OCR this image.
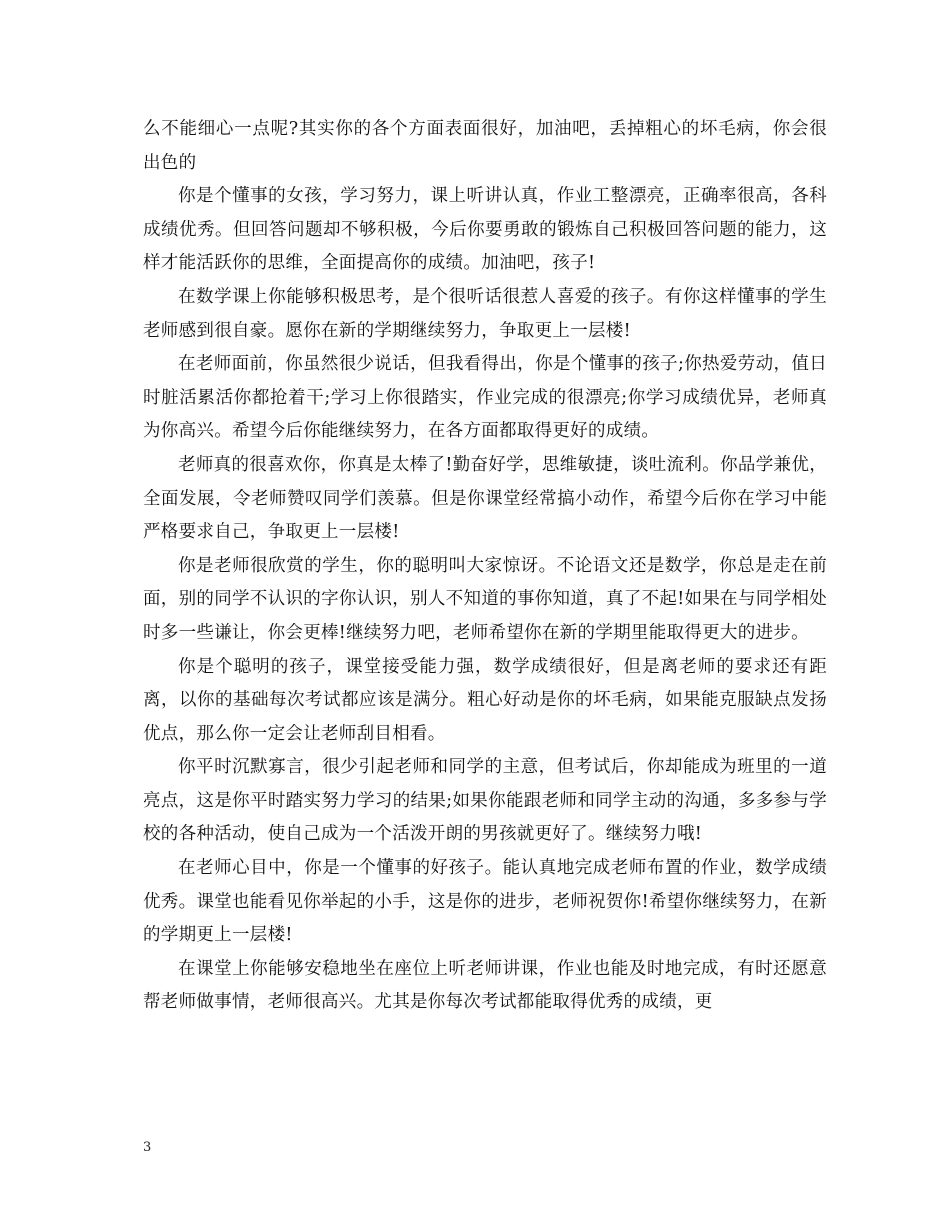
么不能细心一点呢?其实你的各个方面表面很好，加油吧，丢掉粗心的坏毛病，你会很出色的

你是个懂事的女孩，学习努力，课上听讲认真，作业工整漂亮，正确率很高，各科成绩优秀。但回答问题却不够积极，今后你要勇敢的锻炼自己积极回答问题的能力，这样才能活跃你的思维，全面提高你的成绩。加油吧，孩子!

在数学课上你能够积极思考，是个很听话很惹人喜爱的孩子。有你这样懂事的学生老师感到很自豪。愿你在新的学期继续努力，争取更上一层楼!

在老师面前，你虽然很少说话，但我看得出，你是个懂事的孩子;你热爱劳动，值日时脏活累活你都抢着干;学习上你很踏实，作业完成的很漂亮;你学习成绩优异，老师真为你高兴。希望今后你能继续努力，在各方面都取得更好的成绩。

老师真的很喜欢你，你真是太棒了!勤奋好学，思维敏捷，谈吐流利。你品学兼优，全面发展，令老师赞叹同学们羡慕。但是你课堂经常搞小动作，希望今后你在学习中能严格要求自己，争取更上一层楼!

你是老师很欣赏的学生，你的聪明叫大家惊讶。不论语文还是数学，你总是走在前面，别的同学不认识的字你认识，别人不知道的事你知道，真了不起!如果在与同学相处时多一些谦让，你会更棒!继续努力吧，老师希望你在新的学期里能取得更大的进步。

你是个聪明的孩子，课堂接受能力强，数学成绩很好，但是离老师的要求还有距离，以你的基础每次考试都应该是满分。粗心好动是你的坏毛病，如果能克服缺点发扬优点，那么你一定会让老师刮目相看。

你平时沉默寡言，很少引起老师和同学的主意，但考试后，你却能成为班里的一道亮点，这是你平时踏实努力学习的结果;如果你能跟老师和同学主动的沟通，多多参与学校的各种活动，使自己成为一个活泼开朗的男孩就更好了。继续努力哦!

在老师心目中，你是一个懂事的好孩子。能认真地完成老师布置的作业，数学成绩优秀。课堂也能看见你举起的小手，这是你的进步，老师祝贺你!希望你继续努力，在新的学期更上一层楼!

在课堂上你能够安稳地坐在座位上听老师讲课，作业也能及时地完成，有时还愿意帮老师做事情，老师很高兴。尤其是你每次考试都能取得优秀的成绩，更

3
